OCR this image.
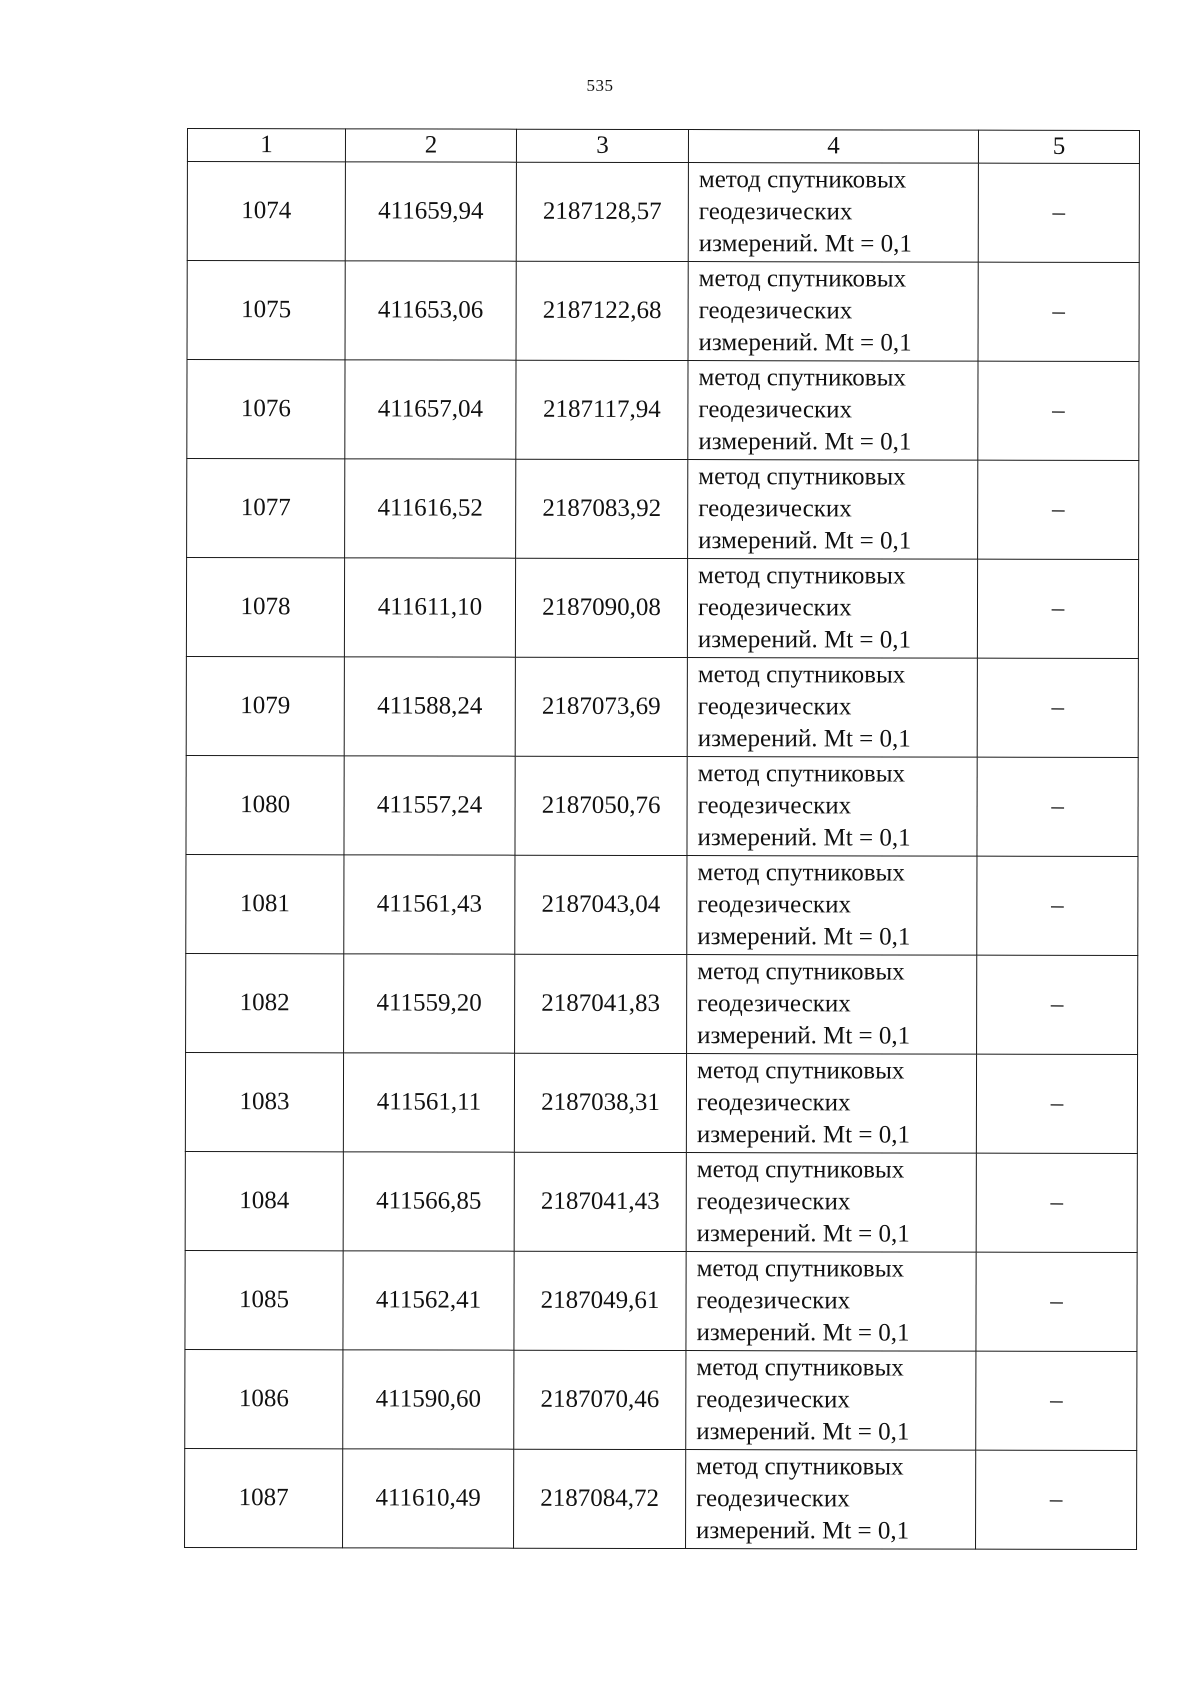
535
1	2	3	4	5
1074	411659,94	2187128,57	метод спутниковых
геодезических
измерений. Mt = 0,1	–
1075	411653,06	2187122,68	метод спутниковых
геодезических
измерений. Mt = 0,1	–
1076	411657,04	2187117,94	метод спутниковых
геодезических
измерений. Mt = 0,1	–
1077	411616,52	2187083,92	метод спутниковых
геодезических
измерений. Mt = 0,1	–
1078	411611,10	2187090,08	метод спутниковых
геодезических
измерений. Mt = 0,1	–
1079	411588,24	2187073,69	метод спутниковых
геодезических
измерений. Mt = 0,1	–
1080	411557,24	2187050,76	метод спутниковых
геодезических
измерений. Mt = 0,1	–
1081	411561,43	2187043,04	метод спутниковых
геодезических
измерений. Mt = 0,1	–
1082	411559,20	2187041,83	метод спутниковых
геодезических
измерений. Mt = 0,1	–
1083	411561,11	2187038,31	метод спутниковых
геодезических
измерений. Mt = 0,1	–
1084	411566,85	2187041,43	метод спутниковых
геодезических
измерений. Mt = 0,1	–
1085	411562,41	2187049,61	метод спутниковых
геодезических
измерений. Mt = 0,1	–
1086	411590,60	2187070,46	метод спутниковых
геодезических
измерений. Mt = 0,1	–
1087	411610,49	2187084,72	метод спутниковых
геодезических
измерений. Mt = 0,1	–
